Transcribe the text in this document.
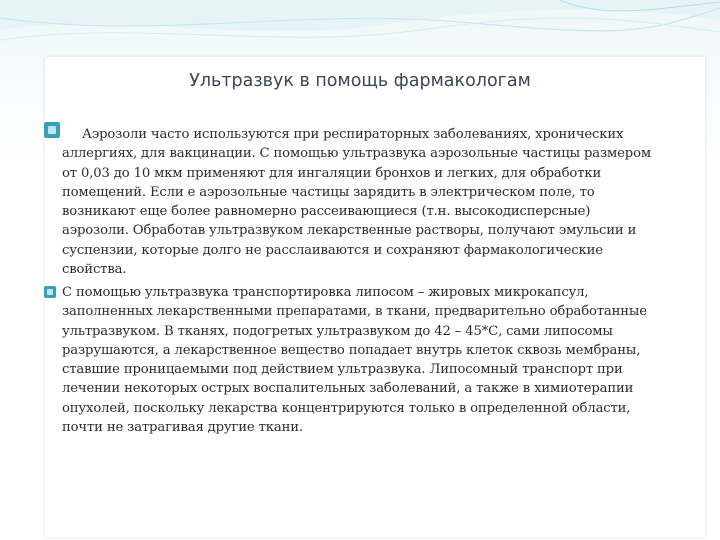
Ультразвук в помощь фармакологам
Аэрозоли часто используются при респираторных заболеваниях, хронических
аллергиях, для вакцинации. С помощью ультразвука аэрозольные частицы размером
от 0,03 до 10 мкм применяют для ингаляции бронхов и легких, для обработки
помещений. Если е аэрозольные частицы зарядить в электрическом поле, то
возникают еще более равномерно рассеивающиеся (т.н. высокодисперсные)
аэрозоли. Обработав ультразвуком лекарственные растворы, получают эмульсии и
суспензии, которые долго не расслаиваются и сохраняют фармакологические
свойства.
С помощью ультразвука транспортировка липосом – жировых микрокапсул,
заполненных лекарственными препаратами, в ткани, предварительно обработанные
ультразвуком. В тканях, подогретых ультразвуком до 42 – 45*С, сами липосомы
разрушаются, а лекарственное вещество попадает внутрь клеток сквозь мембраны,
ставшие проницаемыми под действием ультразвука. Липосомный транспорт при
лечении некоторых острых воспалительных заболеваний, а также в химиотерапии
опухолей, поскольку лекарства концентрируются только в определенной области,
почти не затрагивая другие ткани.
